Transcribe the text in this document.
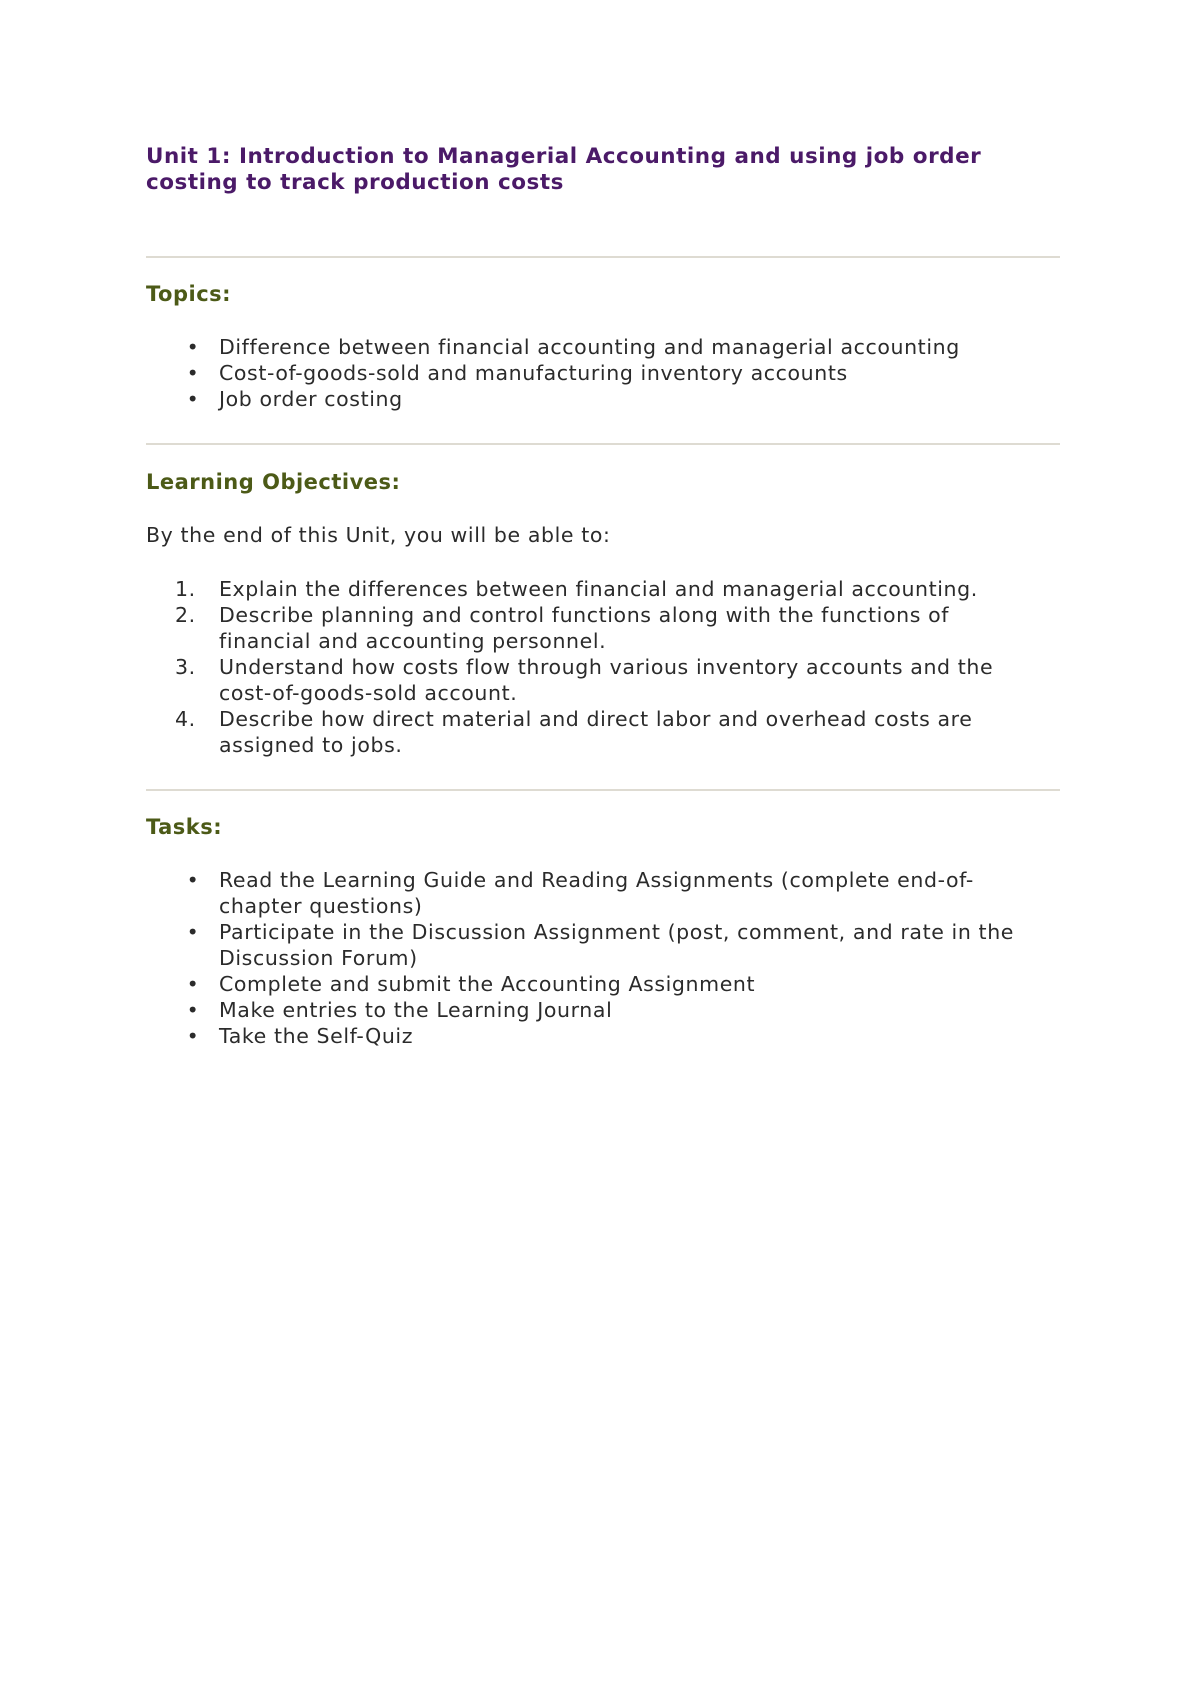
Unit 1: Introduction to Managerial Accounting and using job order costing to track production costs
Topics:
• Difference between financial accounting and managerial accounting
• Cost-of-goods-sold and manufacturing inventory accounts
• Job order costing
Learning Objectives:

By the end of this Unit, you will be able to:

1.	Explain the differences between financial and managerial accounting.
2.	Describe planning and control functions along with the functions of financial and accounting personnel.
3.	Understand how costs flow through various inventory accounts and the cost-of-goods-sold account.
4.	Describe how direct material and direct labor and overhead costs are assigned to jobs.
Tasks:
• Read the Learning Guide and Reading Assignments (complete end-of-chapter questions)
• Participate in the Discussion Assignment (post, comment, and rate in the Discussion Forum)
• Complete and submit the Accounting Assignment
• Make entries to the Learning Journal
• Take the Self-Quiz
